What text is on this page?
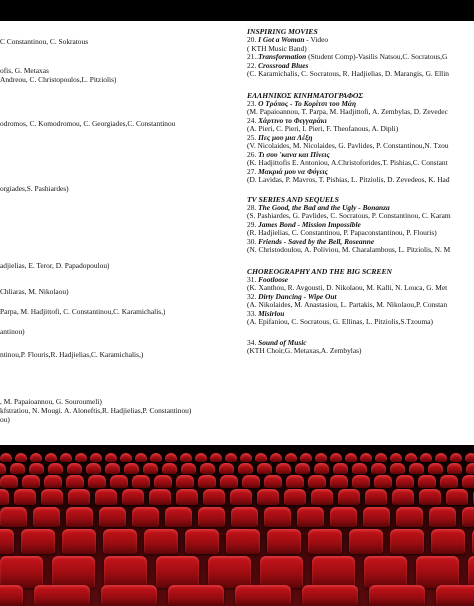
C Constantinou, C. Sokratous
ofis, G. Metaxas
Andreou, C. Christopoulos,L. Pitziolis)
odromos, C. Komodromou, C. Georgiades,C. Constantinou
orgiades,S. Pashiardes)
adjielias, E. Teror, D. Papadopoulou)
Chliaras, M. Nikolaou)
Parpa, M. Hadjittofi, C. Constantinou,C. Karamichalis,)
antinou)
ntinou,P. Flouris,R. Hadjielias,C. Karamichalis,)
, M. Papaioannou, G. Souroumeli)
kfstratiou, N. Mougi. A. Aloneftis,R. Hadjielias,P. Constantinou)
ou)
INSPIRING MOVIES
20. I Got a Woman - Video
( KTH Music Band)
21..Transformation (Student Comp)-Vasilis Natsou,C. Socratous,G
22. Crossroad Blues
(C. Karamichalis, C. Socratous, R. Hadjielias, D. Marangis, G. Ellin
ΕΛΛΗΝΙΚΟΣ ΚΙΝΗΜΑΤΟΓΡΑΦΟΣ
23. Ο Τρόπος - Το Κορίτσι του Μάη
(M. Papaioannou, T. Parpa, M. Hadjittofi, A. Zembylas, D. Zevedec
24. Χάρτινο το Φεγγαράκι
(A. Pieri, C. Pieri, I. Pieri, F. Theofanous, A. Dipli)
25. Πες μου μια Λέξη
(V. Nicolaides, M. Nicolaides, G. Pavlides, P. Constantinou,N. Tzou
26. Τι σου 'κανα και Πίνεις
(K. Hadjittofis E. Antoniou, A.Christoforides,T. Pishias,C. Constant
27. Μακριά μου να Φύγεις
(D. Lavidas, P. Mavros, T. Pishias, L. Pitziolis, D. Zevedeos, K. Had
TV SERIES AND SEQUELS
28. The Good, the Bad and the Ugly - Bonanza
(S. Pashiardes, G. Pavlides, C. Socratous, P. Constantinou, C. Karam
29. James Bond - Mission Impossible
(R. Hadjielias, C. Constantinou, P. Papaconstantinou, P. Flouris)
30. Friends - Saved by the Bell, Roseanne
(N. Christodoulou, A. Poliviou, M. Charalambous, L. Pitziolis, N. M
CHOREOGRAPHY AND THE BIG SCREEN
31. Footloose
(K. Xanthou, R. Avgousti, D. Nikolaou, M. Kalli, N. Louca, G. Met
32. Dirty Dancing - Wipe Out
(A. Nikolaides, M. Anastasiou, L. Partakis, M. Nikolaou,P. Constan
33. Misirlou
(A. Epifaniou, C. Socratous, G. Ellinas, L. Pitziolis,S.Tzouma)
34. Sound of Music
(KTH Choir,G. Metaxas,A. Zembylas)
